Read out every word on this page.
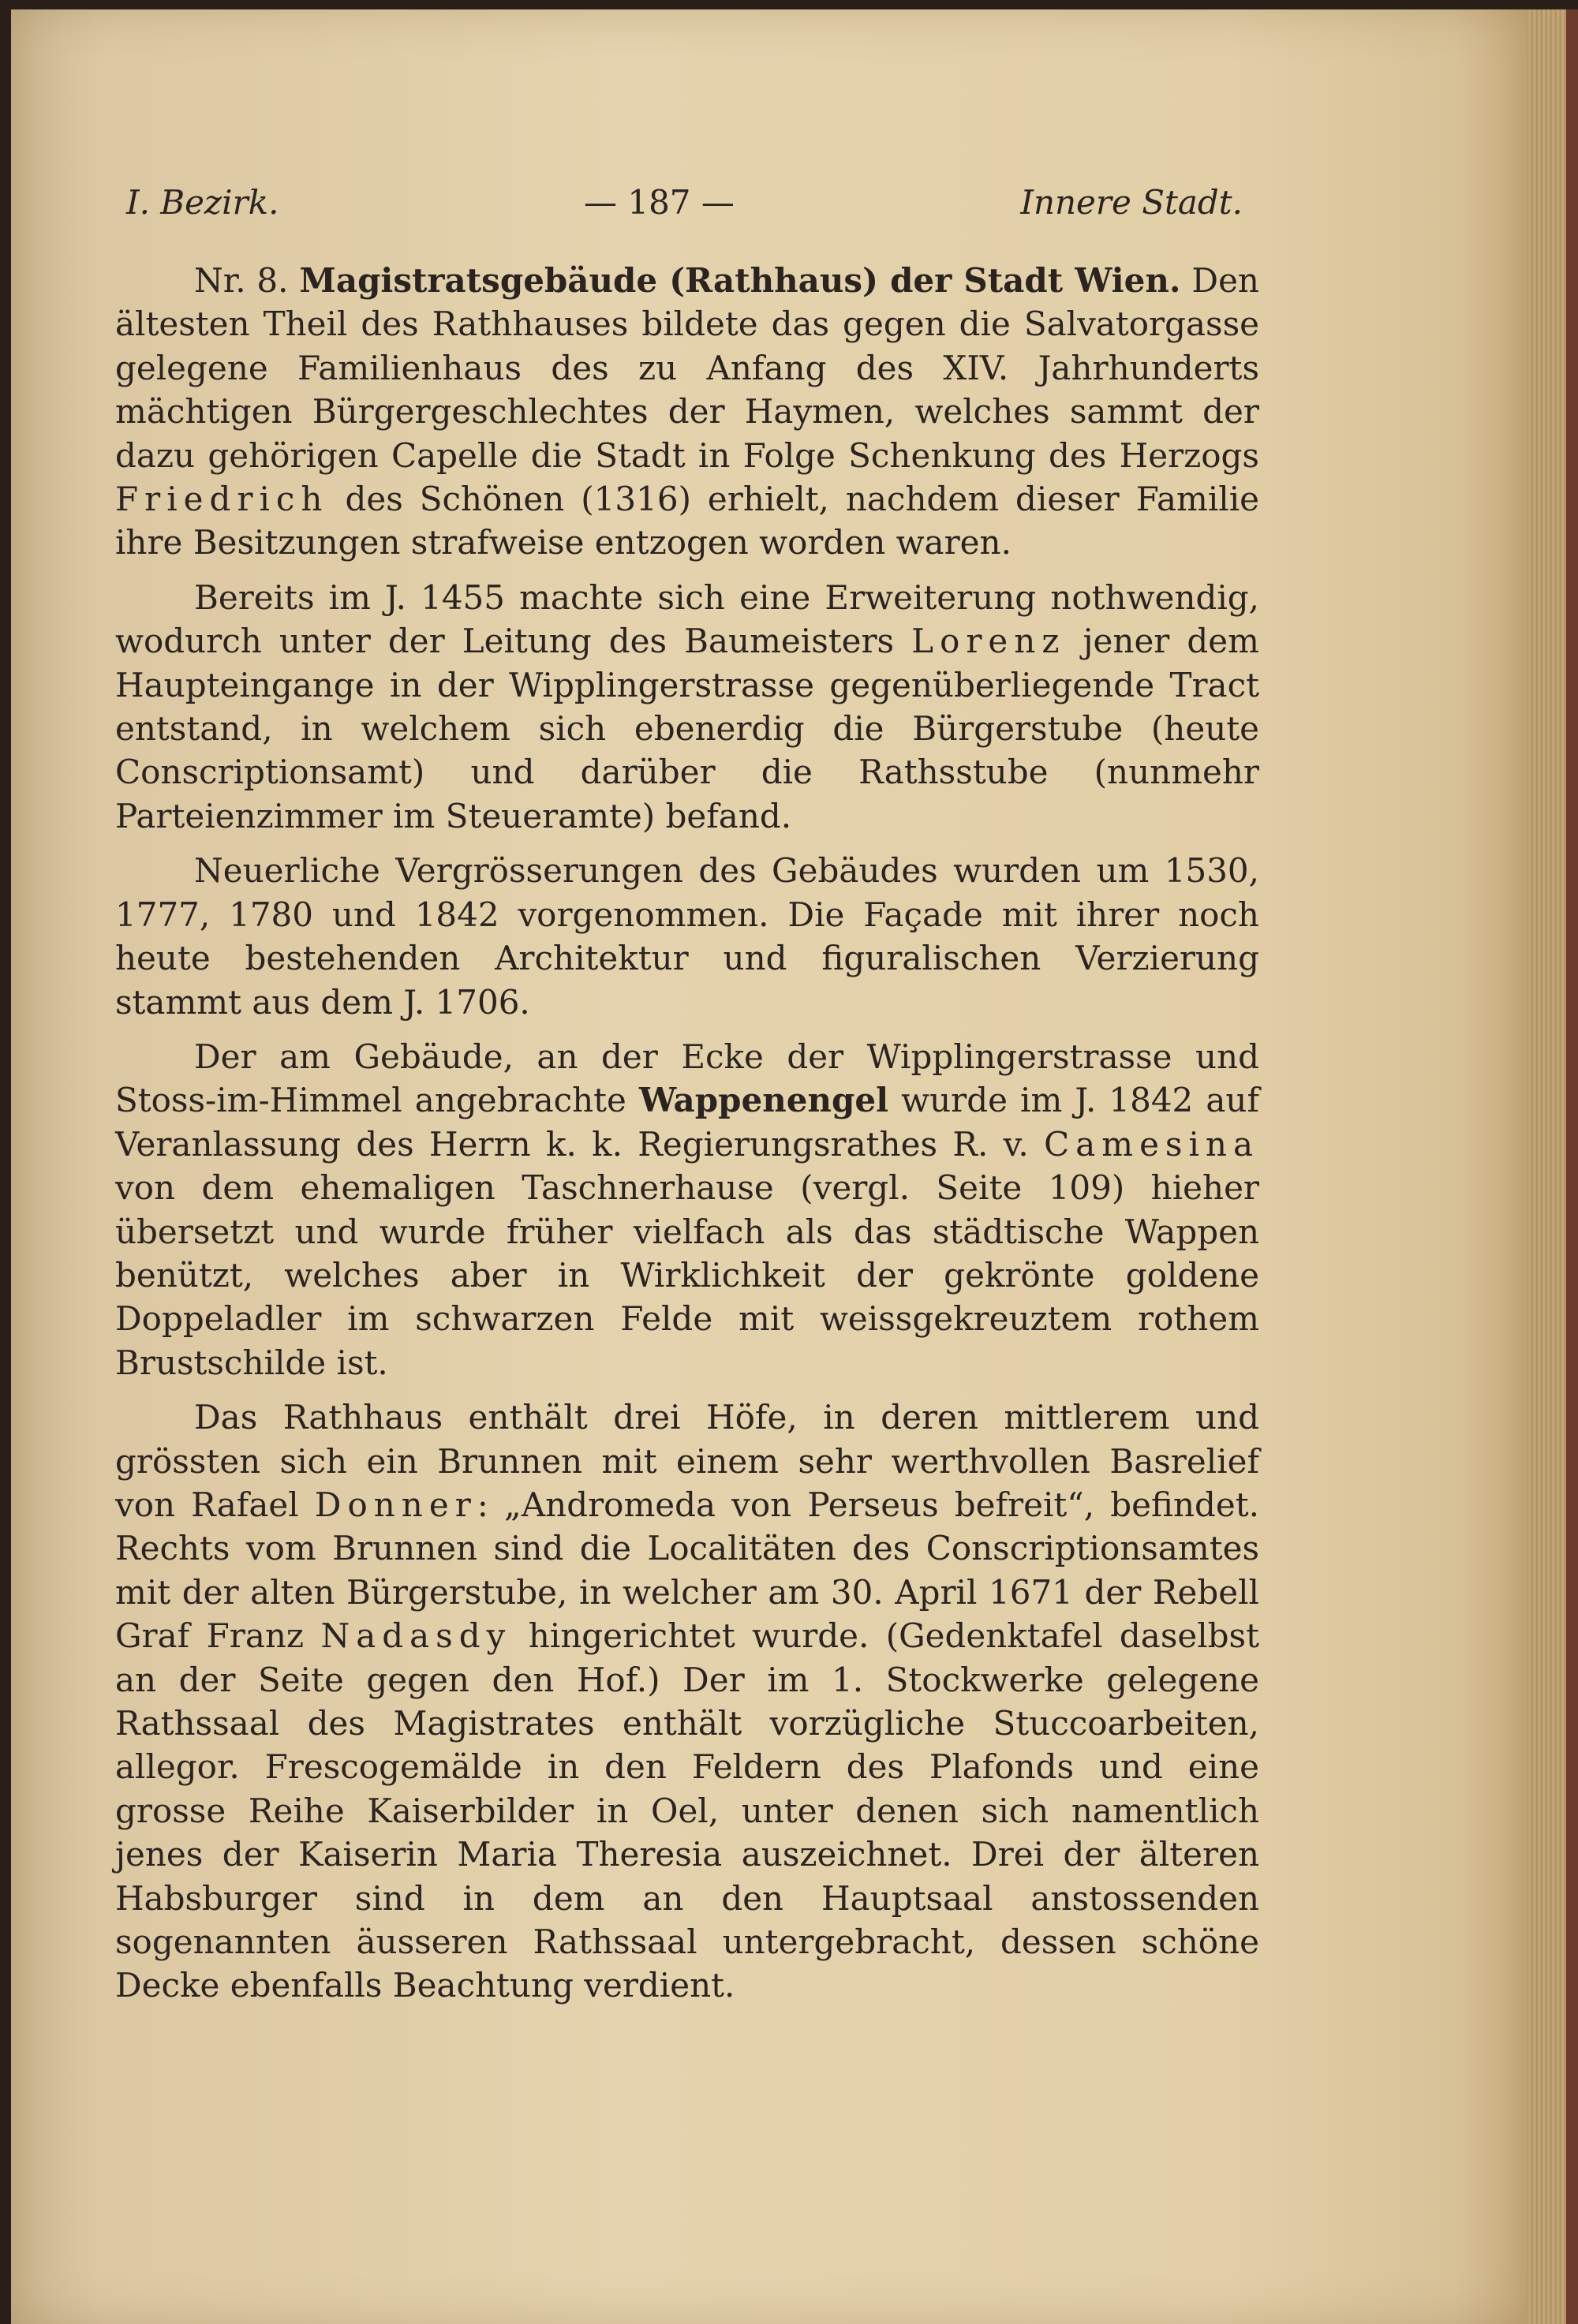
I. Bezirk.	— 187 —	Innere Stadt.

Nr. 8. Magistratsgebäude (Rathhaus) der Stadt Wien. Den ältesten Theil des Rathhauses bildete das gegen die Salvatorgasse gelegene Familienhaus des zu Anfang des XIV. Jahrhunderts mächtigen Bürgergeschlechtes der Haymen, welches sammt der dazu gehörigen Capelle die Stadt in Folge Schenkung des Herzogs Friedrich des Schönen (1316) erhielt, nachdem dieser Familie ihre Besitzungen strafweise entzogen worden waren.

Bereits im J. 1455 machte sich eine Erweiterung nothwendig, wodurch unter der Leitung des Baumeisters Lorenz jener dem Haupteingange in der Wipplingerstrasse gegenüberliegende Tract entstand, in welchem sich ebenerdig die Bürgerstube (heute Conscriptionsamt) und darüber die Rathsstube (nunmehr Parteienzimmer im Steueramte) befand.

Neuerliche Vergrösserungen des Gebäudes wurden um 1530, 1777, 1780 und 1842 vorgenommen. Die Façade mit ihrer noch heute bestehenden Architektur und figuralischen Verzierung stammt aus dem J. 1706.

Der am Gebäude, an der Ecke der Wipplingerstrasse und Stoss-im-Himmel angebrachte Wappenengel wurde im J. 1842 auf Veranlassung des Herrn k. k. Regierungsrathes R. v. Camesina von dem ehemaligen Taschnerhause (vergl. Seite 109) hieher übersetzt und wurde früher vielfach als das städtische Wappen benützt, welches aber in Wirklichkeit der gekrönte goldene Doppeladler im schwarzen Felde mit weissgekreuztem rothem Brustschilde ist.

Das Rathhaus enthält drei Höfe, in deren mittlerem und grössten sich ein Brunnen mit einem sehr werthvollen Basrelief von Rafael Donner: „Andromeda von Perseus befreit“, befindet. Rechts vom Brunnen sind die Localitäten des Conscriptionsamtes mit der alten Bürgerstube, in welcher am 30. April 1671 der Rebell Graf Franz Nadasdy hingerichtet wurde. (Gedenktafel daselbst an der Seite gegen den Hof.) Der im 1. Stockwerke gelegene Rathssaal des Magistrates enthält vorzügliche Stuccoarbeiten, allegor. Frescogemälde in den Feldern des Plafonds und eine grosse Reihe Kaiserbilder in Oel, unter denen sich namentlich jenes der Kaiserin Maria Theresia auszeichnet. Drei der älteren Habsburger sind in dem an den Hauptsaal anstossenden sogenannten äusseren Rathssaal untergebracht, dessen schöne Decke ebenfalls Beachtung verdient.
